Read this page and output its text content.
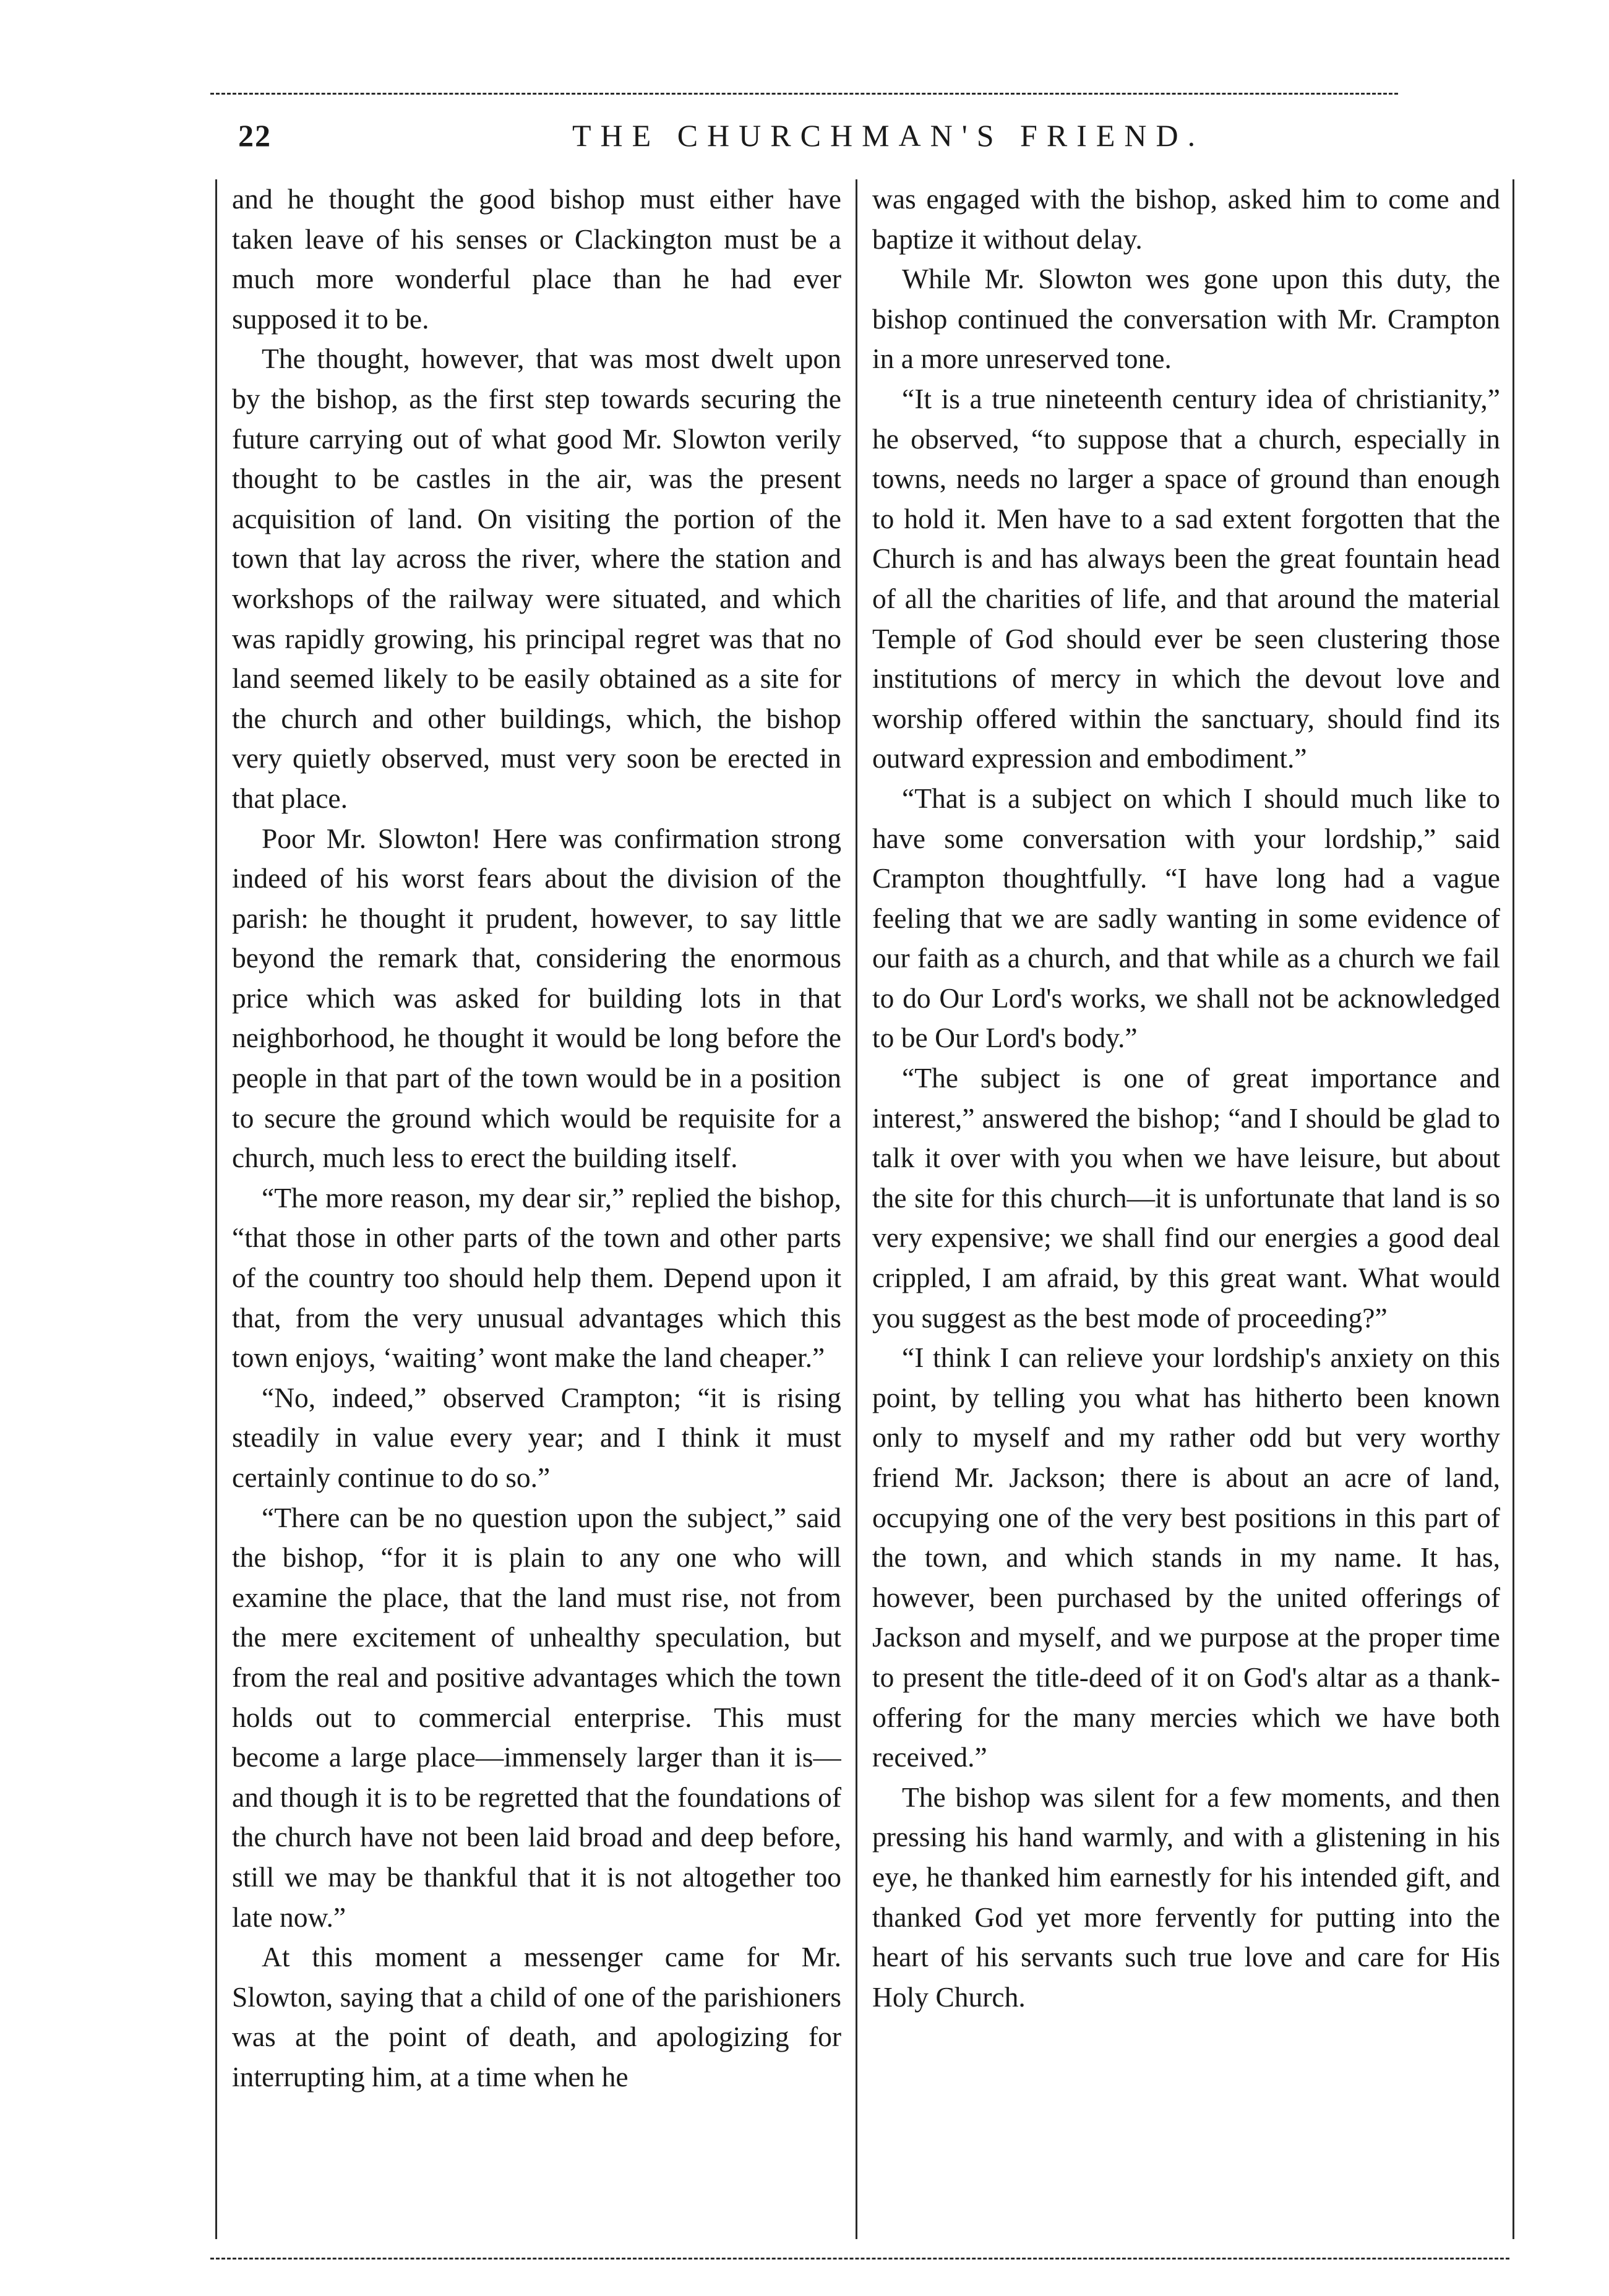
22	THE CHURCHMAN'S FRIEND.

and he thought the good bishop must either have taken leave of his senses or Clackington must be a much more wonderful place than he had ever supposed it to be.

The thought, however, that was most dwelt upon by the bishop, as the first step towards securing the future carrying out of what good Mr. Slowton verily thought to be castles in the air, was the present acquisition of land. On visiting the portion of the town that lay across the river, where the station and workshops of the railway were situated, and which was rapidly growing, his principal regret was that no land seemed likely to be easily obtained as a site for the church and other buildings, which, the bishop very quietly observed, must very soon be erected in that place.

Poor Mr. Slowton! Here was confirmation strong indeed of his worst fears about the division of the parish: he thought it prudent, however, to say little beyond the remark that, considering the enormous price which was asked for building lots in that neighborhood, he thought it would be long before the people in that part of the town would be in a position to secure the ground which would be requisite for a church, much less to erect the building itself.

“The more reason, my dear sir,” replied the bishop, “that those in other parts of the town and other parts of the country too should help them. Depend upon it that, from the very unusual advantages which this town enjoys, ‘waiting’ wont make the land cheaper.”

“No, indeed,” observed Crampton; “it is rising steadily in value every year; and I think it must certainly continue to do so.”

“There can be no question upon the subject,” said the bishop, “for it is plain to any one who will examine the place, that the land must rise, not from the mere excitement of unhealthy speculation, but from the real and positive advantages which the town holds out to commercial enterprise. This must become a large place—immensely larger than it is—and though it is to be regretted that the foundations of the church have not been laid broad and deep before, still we may be thankful that it is not altogether too late now.”

At this moment a messenger came for Mr. Slowton, saying that a child of one of the parishioners was at the point of death, and apologizing for interrupting him, at a time when he

was engaged with the bishop, asked him to come and baptize it without delay.

While Mr. Slowton wes gone upon this duty, the bishop continued the conversation with Mr. Crampton in a more unreserved tone.

“It is a true nineteenth century idea of christianity,” he observed, “to suppose that a church, especially in towns, needs no larger a space of ground than enough to hold it. Men have to a sad extent forgotten that the Church is and has always been the great fountain head of all the charities of life, and that around the material Temple of God should ever be seen clustering those institutions of mercy in which the devout love and worship offered within the sanctuary, should find its outward expression and embodiment.”

“That is a subject on which I should much like to have some conversation with your lordship,” said Crampton thoughtfully. “I have long had a vague feeling that we are sadly wanting in some evidence of our faith as a church, and that while as a church we fail to do Our Lord's works, we shall not be acknowledged to be Our Lord's body.”

“The subject is one of great importance and interest,” answered the bishop; “and I should be glad to talk it over with you when we have leisure, but about the site for this church—it is unfortunate that land is so very expensive; we shall find our energies a good deal crippled, I am afraid, by this great want. What would you suggest as the best mode of proceeding?”

“I think I can relieve your lordship's anxiety on this point, by telling you what has hitherto been known only to myself and my rather odd but very worthy friend Mr. Jackson; there is about an acre of land, occupying one of the very best positions in this part of the town, and which stands in my name. It has, however, been purchased by the united offerings of Jackson and myself, and we purpose at the proper time to present the title-deed of it on God's altar as a thank-offering for the many mercies which we have both received.”

The bishop was silent for a few moments, and then pressing his hand warmly, and with a glistening in his eye, he thanked him earnestly for his intended gift, and thanked God yet more fervently for putting into the heart of his servants such true love and care for His Holy Church.
